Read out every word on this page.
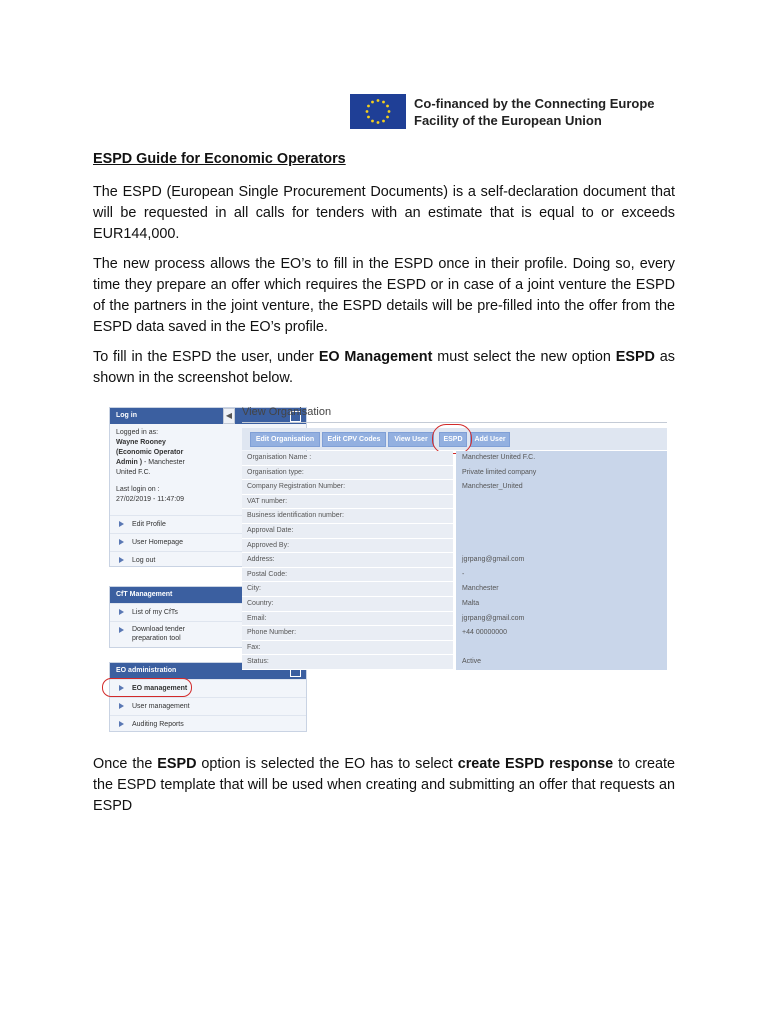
Co-financed by the Connecting Europe
Facility of the European Union
ESPD Guide for Economic Operators
The ESPD (European Single Procurement Documents) is a self-declaration document that will be requested in all calls for tenders with an estimate that is equal to or exceeds EUR144,000.
The new process allows the EO’s to fill in the ESPD once in their profile. Doing so, every time they prepare an offer which requires the ESPD or in case of a joint venture the ESPD of the partners in the joint venture, the ESPD details will be pre-filled into the offer from the ESPD data saved in the EO’s profile.
To fill in the ESPD the user, under EO Management must select the new option ESPD as shown in the screenshot below.
Log in
Logged in as:
Wayne Rooney
(Economic Operator
Admin ) - Manchester
United F.C.
Last login on :
27/02/2019 - 11:47:09
Edit Profile
User Homepage
Log out
CfT Management
List of my CfTs
Download tender
preparation tool
EO administration
EO management
User management
Auditing Reports
◀ View Organisation
Edit Organisation	Edit CPV Codes	View User	ESPD	Add User
Organisation Name :	Manchester United F.C.
Organisation type:	Private limited company
Company Registration Number:	Manchester_United
VAT number:
Business identification number:
Approval Date:
Approved By:
Address:	jgrpang@gmail.com
Postal Code:	-
City:	Manchester
Country:	Malta
Email:	jgrpang@gmail.com
Phone Number:	+44 00000000
Fax:
Status:	Active
Once the ESPD option is selected the EO has to select create ESPD response to create the ESPD template that will be used when creating and submitting an offer that requests an ESPD
